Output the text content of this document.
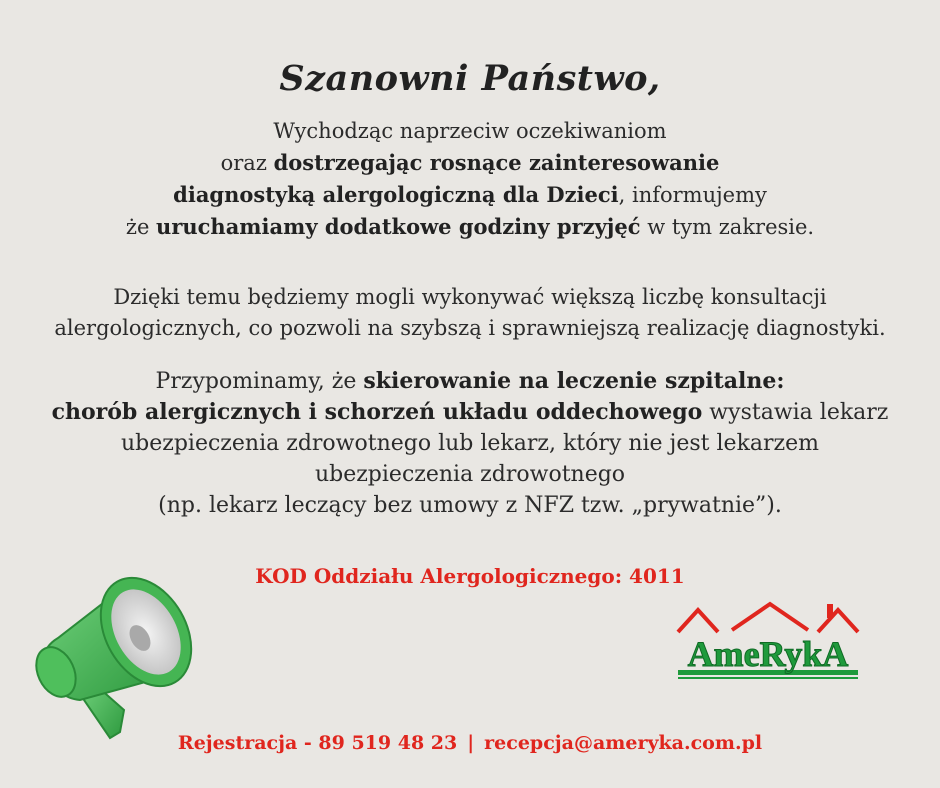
Szanowni Państwo,
Wychodząc naprzeciw oczekiwaniom
oraz dostrzegając rosnące zainteresowanie
diagnostyką alergologiczną dla Dzieci, informujemy
że uruchamiamy dodatkowe godziny przyjęć w tym zakresie.
Dzięki temu będziemy mogli wykonywać większą liczbę konsultacji
alergologicznych, co pozwoli na szybszą i sprawniejszą realizację diagnostyki.
Przypominamy, że skierowanie na leczenie szpitalne:
chorób alergicznych i schorzeń układu oddechowego wystawia lekarz
ubezpieczenia zdrowotnego lub lekarz, który nie jest lekarzem
ubezpieczenia zdrowotnego
(np. lekarz leczący bez umowy z NFZ tzw. „prywatnie”).
KOD Oddziału Alergologicznego: 4011
AmeRykA
Rejestracja - 89 519 48 23 | recepcja@ameryka.com.pl
